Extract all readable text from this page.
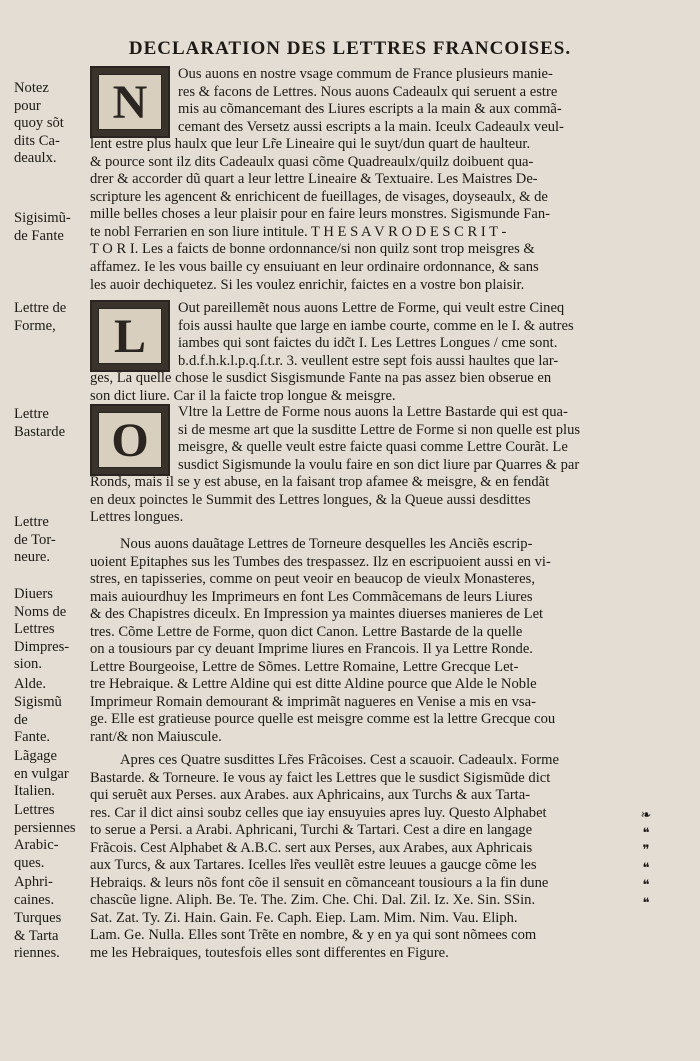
DECLARATION DES LETTRES FRANCOISES.
N
L
O
Notez
pour
quoy sõt
dits Ca-
deaulx.
Sigisimũ-
de Fante
Lettre de
Forme,
Lettre
Bastarde
Lettre
de Tor-
neure.
Diuers
Noms de
Lettres
Dimpres-
sion.
Alde.
Sigismũ
de
Fante.
Lãgage
en vulgar
Italien.
Lettres
persiennes
Arabic-
ques.
Aphri-
caines.
Turques
& Tarta
riennes.
Ous auons en nostre vsage commum de France plusieurs manie-
res & facons de Lettres. Nous auons Cadeaulx qui seruent a estre
mis au cõmancemant des Liures escripts a la main & aux commã-
cemant des Versetz aussi escripts a la main. Iceulx Cadeaulx veul-
lent estre plus haulx que leur Lr̃e Lineaire qui le suyt/dun quart de haulteur.
& pource sont ilz dits Cadeaulx quasi cõme Quadreaulx/quilz doibuent qua-
drer & accorder dũ quart a leur lettre Lineaire & Textuaire. Les Maistres De-
scripture les agencent & enrichicent de fueillages, de visages, doyseaulx, & de
mille belles choses a leur plaisir pour en faire leurs monstres. Sigismunde Fan-
te nobl Ferrarien en son liure intitule. T H E S A V R O D E S C R I T -
T O R I. Les a faicts de bonne ordonnance/si non quilz sont trop meisgres &
affamez. Ie les vous baille cy ensuiuant en leur ordinaire ordonnance, & sans
les auoir dechiquetez. Si les voulez enrichir, faictes en a vostre bon plaisir.
Out pareillemẽt nous auons Lettre de Forme, qui veult estre Cineq
fois aussi haulte que large en iambe courte, comme en le I. & autres
iambes qui sont faictes du idc̃t I. Les Lettres Longues / cme sont.
b.d.f.h.k.l.p.q.ſ.t.r. 3. veullent estre sept fois aussi haultes que lar-
ges, La quelle chose le susdict Sisgismunde Fante na pas assez bien obserue en
son dict liure. Car il la faicte trop longue & meisgre.
Vltre la Lettre de Forme nous auons la Lettre Bastarde qui est qua-
si de mesme art que la susditte Lettre de Forme si non quelle est plus
meisgre, & quelle veult estre faicte quasi comme Lettre Courãt. Le
susdict Sigismunde la voulu faire en son dict liure par Quarres & par
Ronds, mais il se y est abuse, en la faisant trop afamee & meisgre, & en fendãt
en deux poinctes le Summit des Lettres longues, & la Queue aussi desdittes
Lettres longues.
Nous auons dauãtage Lettres de Torneure desquelles les Anciẽs escrip-
uoient Epitaphes sus les Tumbes des trespassez. Ilz en escripuoient aussi en vi-
stres, en tapisseries, comme on peut veoir en beaucop de vieulx Monasteres,
mais auiourdhuy les Imprimeurs en font Les Commãcemans de leurs Liures
& des Chapistres diceulx. En Impression ya maintes diuerses manieres de Let
tres. Cõme Lettre de Forme, quon dict Canon. Lettre Bastarde de la quelle
on a tousiours par cy deuant Imprime liures en Francois. Il ya Lettre Ronde.
Lettre Bourgeoise, Lettre de Sõmes. Lettre Romaine, Lettre Grecque Let-
tre Hebraique. & Lettre Aldine qui est ditte Aldine pource que Alde le Noble
Imprimeur Romain demourant & imprimãt nagueres en Venise a mis en vsa-
ge. Elle est gratieuse pource quelle est meisgre comme est la lettre Grecque cou
rant/& non Maiuscule.
Apres ces Quatre susdittes Lr̃es Frãcoises. Cest a scauoir. Cadeaulx. Forme
Bastarde. & Torneure. Ie vous ay faict les Lettres que le susdict Sigismũde dict
qui seruẽt aux Perses. aux Arabes. aux Aphricains, aux Turchs & aux Tarta-
res. Car il dict ainsi soubz celles que iay ensuyuies apres luy. Questo Alphabet
to serue a Persi. a Arabi. Aphricani, Turchi & Tartari. Cest a dire en langage
Frãcois. Cest Alphabet & A.B.C. sert aux Perses, aux Arabes, aux Aphricais
aux Turcs, & aux Tartares. Icelles lr̃es veullẽt estre leuues a gaucge cõme les
Hebraiqs. & leurs nõs font cõe il sensuit en cõmanceant tousiours a la fin dune
chascũe ligne. Aliph. Be. Te. The. Zim. Che. Chi. Dal. Zil. Iz. Xe. Sin. SSin.
Sat. Zat. Ty. Zi. Hain. Gain. Fe. Caph. Eiep. Lam. Mim. Nim. Vau. Eliph.
Lam. Ge. Nulla. Elles sont Trẽte en nombre, & y en ya qui sont nõmees com
me les Hebraiques, toutesfois elles sont differentes en Figure.
❧
❝
❞
❝
❝
❝
